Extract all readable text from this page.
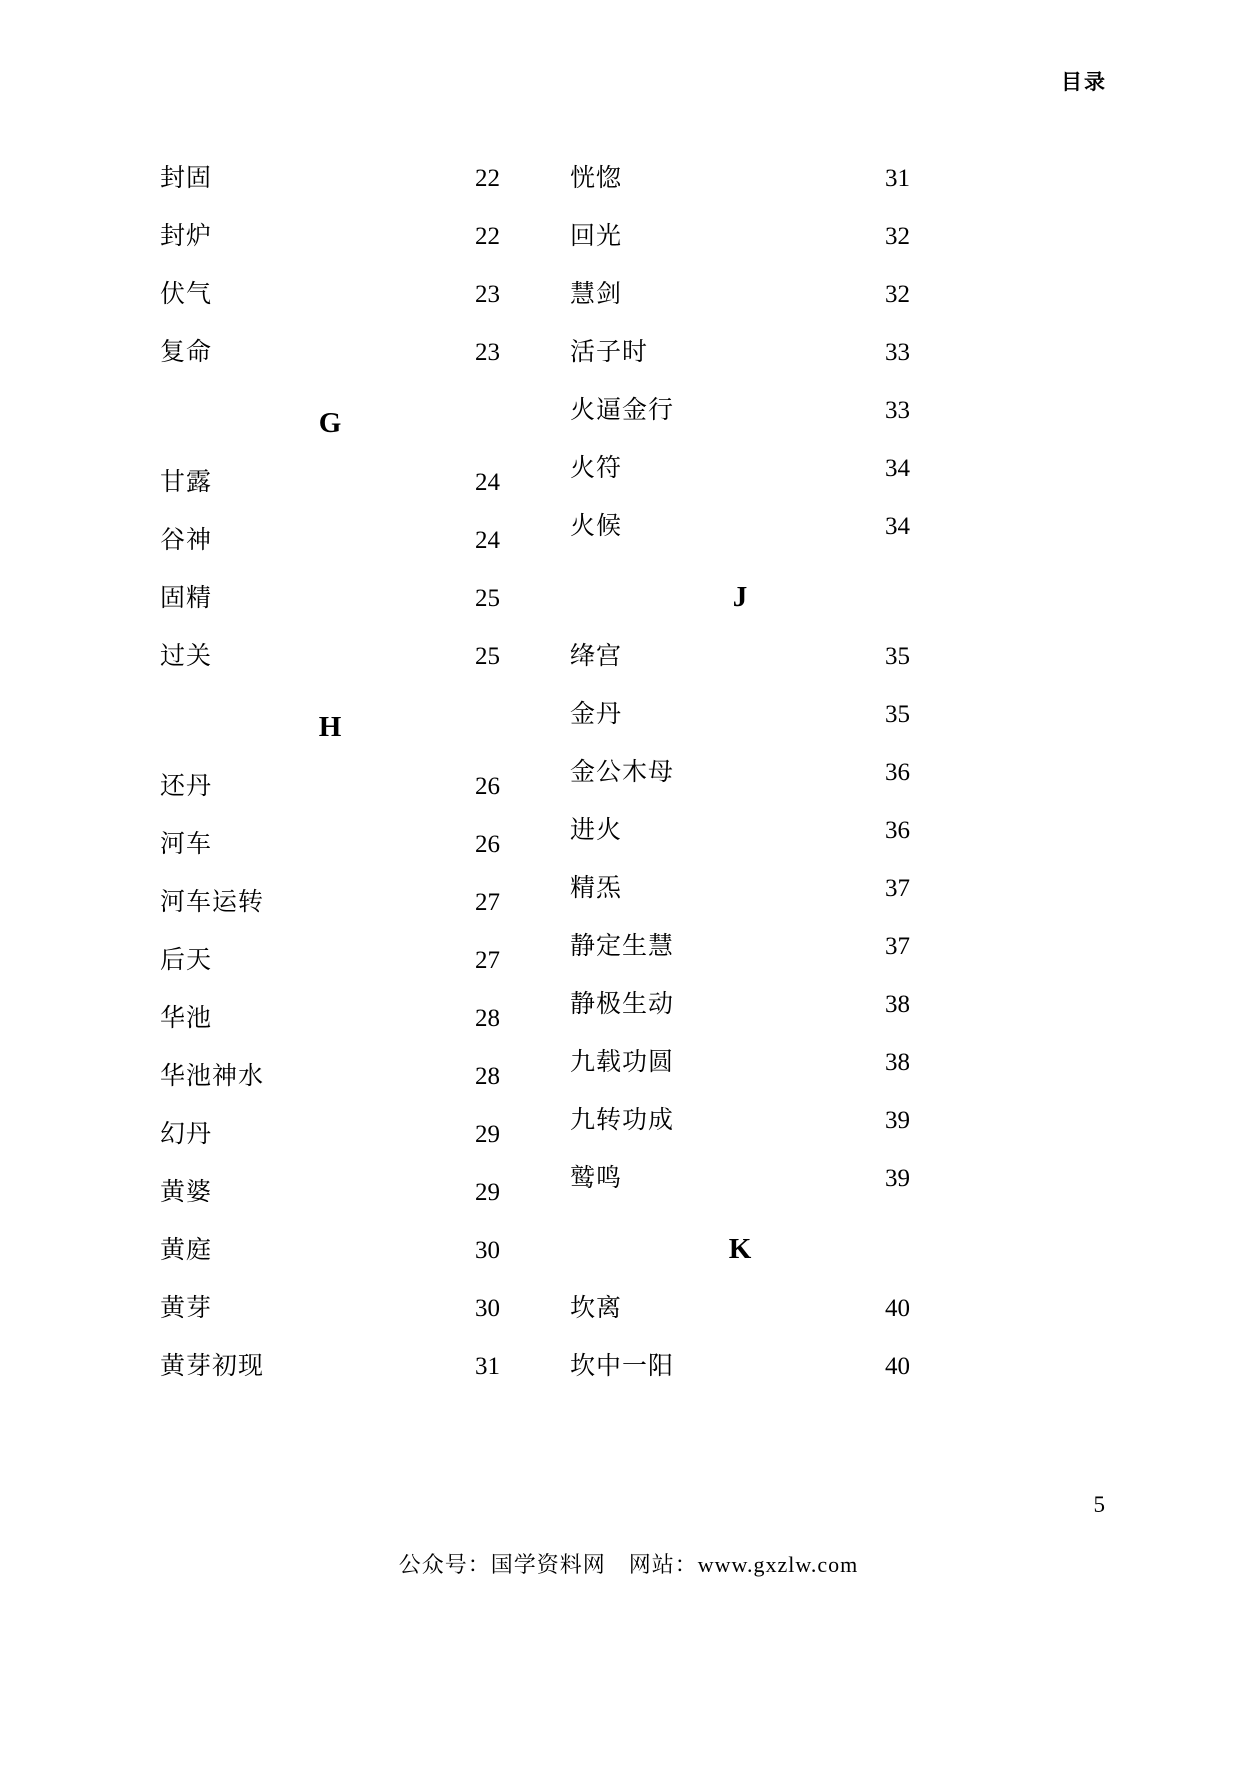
目录
封固 .....	22
封炉 .....	22
伏气 .....	23
复命 .....	23
G
甘露 .....	24
谷神 .....	24
固精 .....	25
过关 .....	25
H
还丹 .....	26
河车 .....	26
河车运转 .....	27
后天 .....	27
华池 .....	28
华池神水 .....	28
幻丹 .....	29
黄婆 .....	29
黄庭 .....	30
黄芽 .....	30
黄芽初现 .....	31
恍惚 .....	31
回光 .....	32
慧剑 .....	32
活子时 .....	33
火逼金行 .....	33
火符 .....	34
火候 .....	34
J
绛宫 .....	35
金丹 .....	35
金公木母 .....	36
进火 .....	36
精炁 .....	37
静定生慧 .....	37
静极生动 .....	38
九载功圆 .....	38
九转功成 .....	39
鹫鸣 .....	39
K
坎离 .....	40
坎中一阳 .....	40
5
公众号：国学资料网　网站：www.gxzlw.com
